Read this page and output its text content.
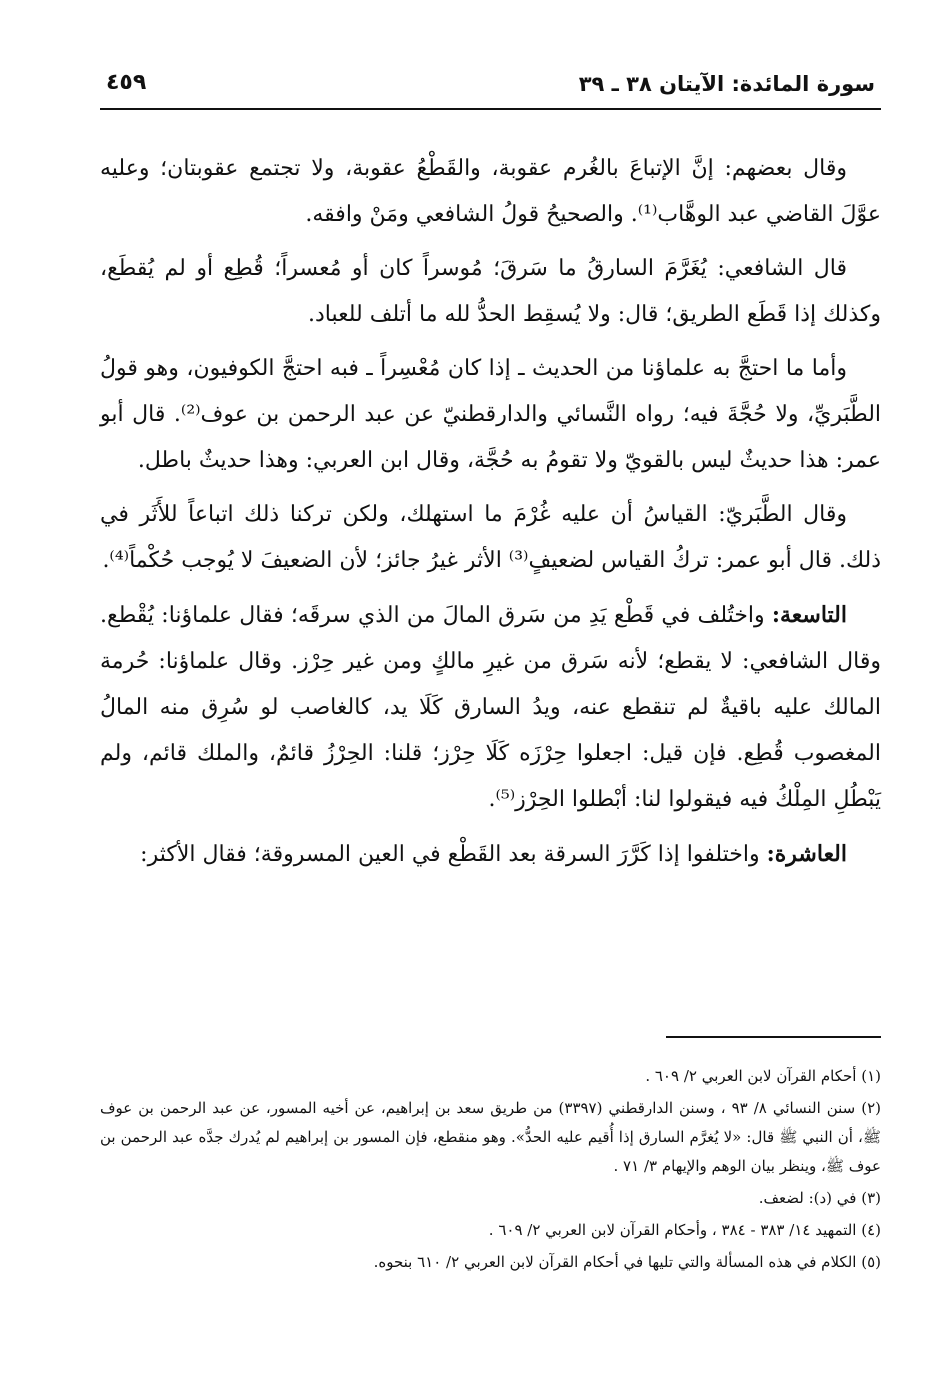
سورة المائدة: الآيتان ٣٨ ـ ٣٩
٤٥٩

وقال بعضهم: إنَّ الإتباعَ بالغُرم عقوبة، والقَطْعُ عقوبة، ولا تجتمع عقوبتان؛ وعليه عوَّلَ القاضي عبد الوهَّاب⁽¹⁾. والصحيحُ قولُ الشافعي ومَنْ وافقه.

قال الشافعي: يُغَرَّمَ السارقُ ما سَرقَ؛ مُوسراً كان أو مُعسراً؛ قُطِع أو لم يُقطَع، وكذلك إذا قَطَع الطريق؛ قال: ولا يُسقِط الحدُّ لله ما أتلف للعباد.

وأما ما احتجَّ به علماؤنا من الحديث ـ إذا كان مُعْسِراً ـ فبه احتجَّ الكوفيون، وهو قولُ الطَّبَريِّ، ولا حُجَّةَ فيه؛ رواه النَّسائي والدارقطنيّ عن عبد الرحمن بن عوف⁽²⁾. قال أبو عمر: هذا حديثٌ ليس بالقويّ ولا تقومُ به حُجَّة، وقال ابن العربي: وهذا حديثٌ باطل.

وقال الطَّبَريّ: القياسُ أن عليه غُرْمَ ما استهلك، ولكن تركنا ذلك اتباعاً للأَثَر في ذلك. قال أبو عمر: تركُ القياس لضعيفٍ⁽³⁾ الأثر غيرُ جائز؛ لأن الضعيفَ لا يُوجب حُكْماً⁽⁴⁾.

التاسعة: واختُلف في قَطْع يَدِ من سَرق المالَ من الذي سرقَه؛ فقال علماؤنا: يُقْطع. وقال الشافعي: لا يقطع؛ لأنه سَرق من غيرِ مالكٍ ومن غير حِرْز. وقال علماؤنا: حُرمة المالك عليه باقيةٌ لم تنقطع عنه، ويدُ السارق كَلَا يد، كالغاصب لو سُرِق منه المالُ المغصوب قُطِع. فإن قيل: اجعلوا حِرْزَه كَلَا حِرْز؛ قلنا: الحِرْزُ قائمٌ، والملك قائم، ولم يَبْطُلِ المِلْكُ فيه فيقولوا لنا: أبْطلوا الحِرْز⁽⁵⁾.

العاشرة: واختلفوا إذا كَرَّرَ السرقة بعد القَطْع في العين المسروقة؛ فقال الأكثر:

(١) أحكام القرآن لابن العربي ٢/ ٦٠٩ .

(٢) سنن النسائي ٨/ ٩٣ ، وسنن الدارقطني (٣٣٩٧) من طريق سعد بن إبراهيم، عن أخيه المسور، عن عبد الرحمن بن عوف ﷺ، أن النبي ﷺ قال: «لا يُغرَّم السارق إذا أُقيم عليه الحدُّ». وهو منقطع، فإن المسور بن إبراهيم لم يُدرك جدَّه عبد الرحمن بن عوف ﷺ، وينظر بيان الوهم والإيهام ٣/ ٧١ .

(٣) في (د): لضعف.

(٤) التمهيد ١٤/ ٣٨٣ - ٣٨٤ ، وأحكام القرآن لابن العربي ٢/ ٦٠٩ .

(٥) الكلام في هذه المسألة والتي تليها في أحكام القرآن لابن العربي ٢/ ٦١٠ بنحوه.
